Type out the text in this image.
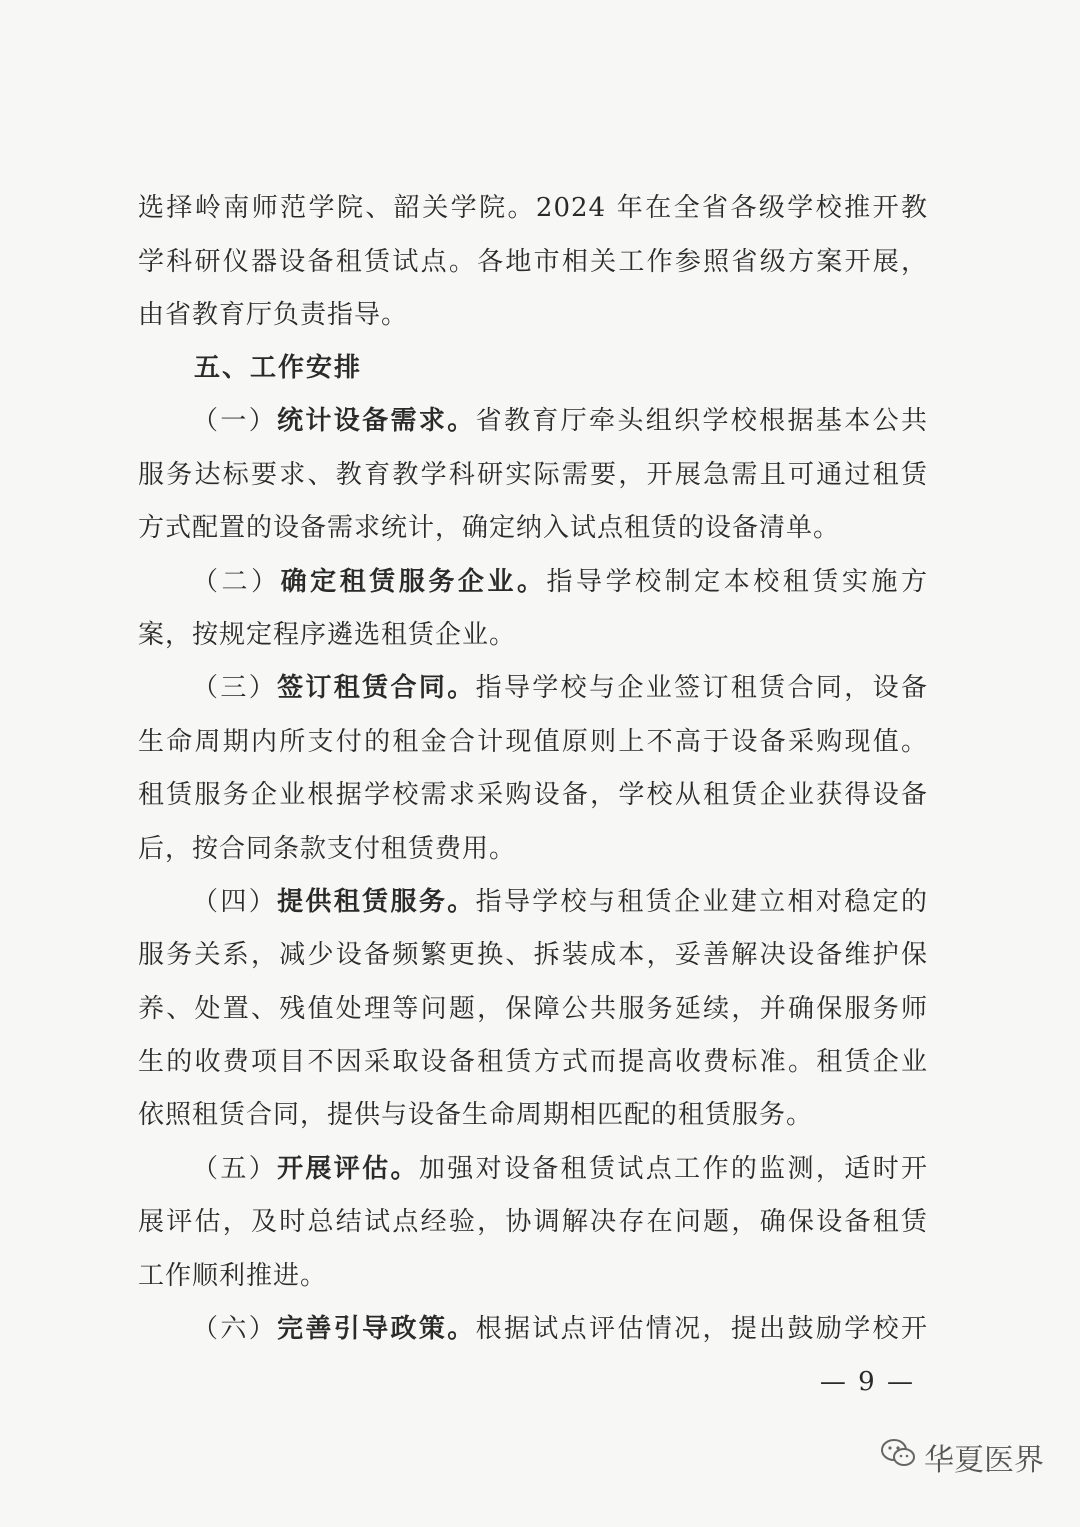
选择岭南师范学院、韶关学院。2024 年在全省各级学校推开教
学科研仪器设备租赁试点。各地市相关工作参照省级方案开展，
由省教育厅负责指导。
五、工作安排
（一）统计设备需求。省教育厅牵头组织学校根据基本公共
服务达标要求、教育教学科研实际需要，开展急需且可通过租赁
方式配置的设备需求统计，确定纳入试点租赁的设备清单。
（二）确定租赁服务企业。指导学校制定本校租赁实施方
案，按规定程序遴选租赁企业。
（三）签订租赁合同。指导学校与企业签订租赁合同，设备
生命周期内所支付的租金合计现值原则上不高于设备采购现值。
租赁服务企业根据学校需求采购设备，学校从租赁企业获得设备
后，按合同条款支付租赁费用。
（四）提供租赁服务。指导学校与租赁企业建立相对稳定的
服务关系，减少设备频繁更换、拆装成本，妥善解决设备维护保
养、处置、残值处理等问题，保障公共服务延续，并确保服务师
生的收费项目不因采取设备租赁方式而提高收费标准。租赁企业
依照租赁合同，提供与设备生命周期相匹配的租赁服务。
（五）开展评估。加强对设备租赁试点工作的监测，适时开
展评估，及时总结试点经验，协调解决存在问题，确保设备租赁
工作顺利推进。
（六）完善引导政策。根据试点评估情况，提出鼓励学校开
— 9 —
华夏医界
